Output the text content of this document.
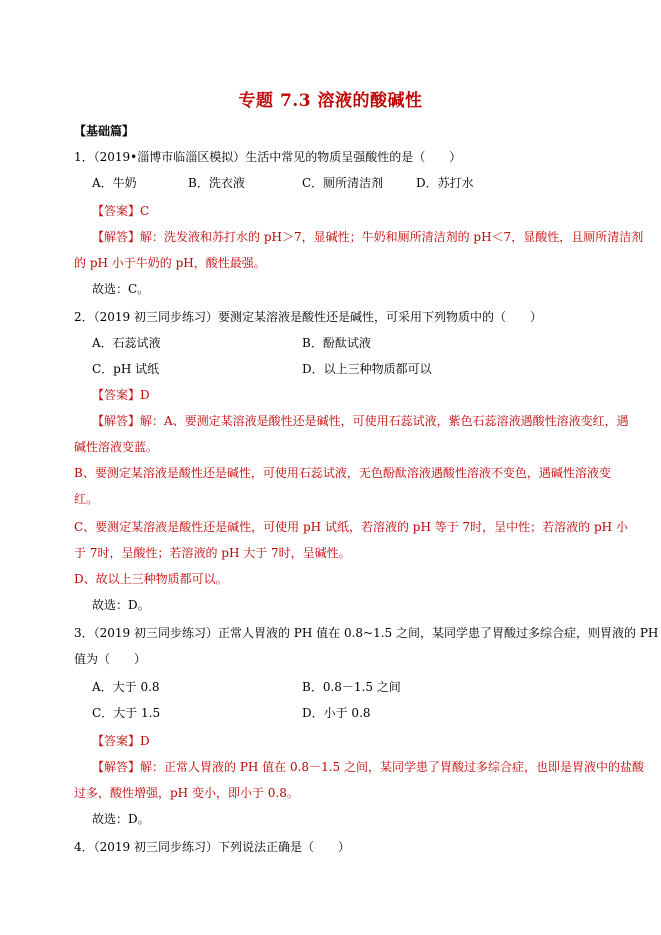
专题 7.3 溶液的酸碱性
【基础篇】
1．（2019•淄博市临淄区模拟）生活中常见的物质呈强酸性的是（　　）
A．牛奶	B．洗衣液	C．厕所清洁剂	D．苏打水
【答案】C
【解答】解：洗发液和苏打水的 pH＞7，显碱性；牛奶和厕所清洁剂的 pH＜7，显酸性，且厕所清洁剂
的 pH 小于牛奶的 pH，酸性最强。
故选：C。
2．（2019 初三同步练习）要测定某溶液是酸性还是碱性，可采用下列物质中的（　　）
A．石蕊试液	B．酚酞试液
C．pH 试纸	D．以上三种物质都可以
【答案】D
【解答】解：A、要测定某溶液是酸性还是碱性，可使用石蕊试液，紫色石蕊溶液遇酸性溶液变红，遇
碱性溶液变蓝。
B、要测定某溶液是酸性还是碱性，可使用石蕊试液，无色酚酞溶液遇酸性溶液不变色，遇碱性溶液变
红。
C、要测定某溶液是酸性还是碱性，可使用 pH 试纸，若溶液的 pH 等于 7时，呈中性；若溶液的 pH 小
于 7时，呈酸性；若溶液的 pH 大于 7时，呈碱性。
D、故以上三种物质都可以。
故选：D。
3．（2019 初三同步练习）正常人胃液的 PH 值在 0.8~1.5 之间，某同学患了胃酸过多综合症，则胃液的 PH
值为（　　）
A．大于 0.8	B．0.8－1.5 之间
C．大于 1.5	D．小于 0.8
【答案】D
【解答】解：正常人胃液的 PH 值在 0.8－1.5 之间，某同学患了胃酸过多综合症，也即是胃液中的盐酸
过多，酸性增强，pH 变小，即小于 0.8。
故选：D。
4．（2019 初三同步练习）下列说法正确是（　　）
